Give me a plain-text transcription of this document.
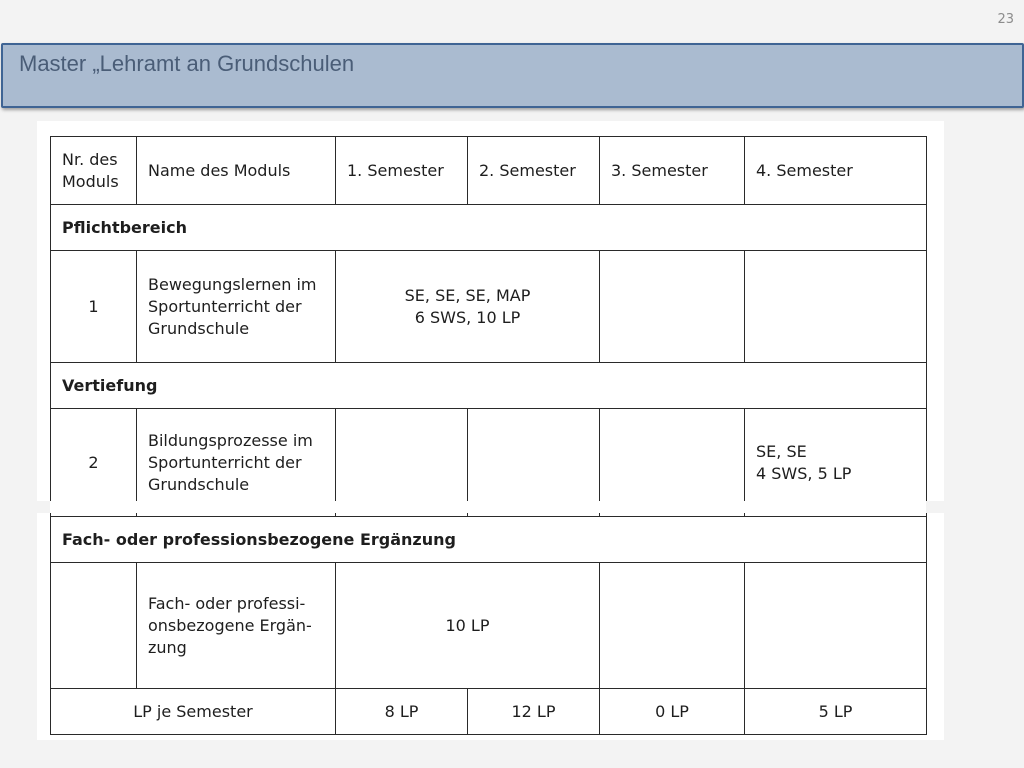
23
Master „Lehramt an Grundschulen
Nr. des
Moduls	Name des Moduls	1. Semester	2. Semester	3. Semester	4. Semester
Pflichtbereich					
1	Bewegungslernen im
Sportunterricht der
Grundschule	SE, SE, SE, MAP
6 SWS, 10 LP			
Vertiefung					
2	Bildungsprozesse im
Sportunterricht der
Grundschule				SE, SE
4 SWS, 5 LP
Fach- oder professionsbezogene Ergänzung					
	Fach- oder professi-
onsbezogene Ergän-
zung	10 LP			
LP je Semester		8 LP	12 LP	0 LP	5 LP
